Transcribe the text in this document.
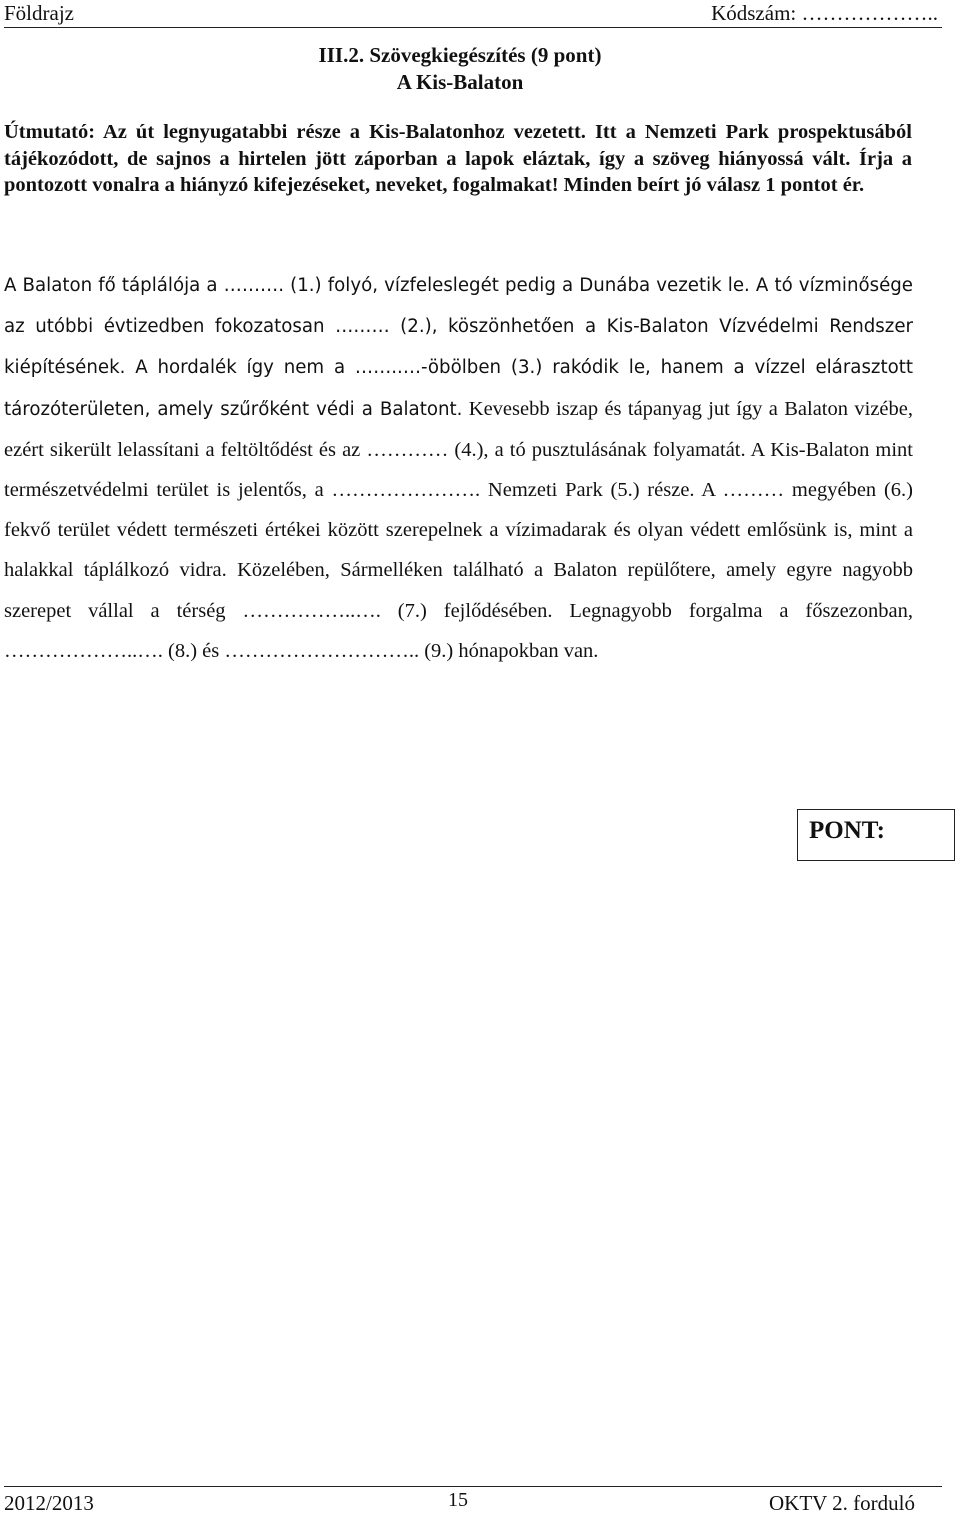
Földrajz	Kódszám: ………………..
III.2. Szövegkiegészítés (9 pont)
A Kis-Balaton
Útmutató: Az út legnyugatabbi része a Kis-Balatonhoz vezetett. Itt a Nemzeti Park prospektusából tájékozódott, de sajnos a hirtelen jött záporban a lapok eláztak, így a szöveg hiányossá vált. Írja a pontozott vonalra a hiányzó kifejezéseket, neveket, fogalmakat! Minden beírt jó válasz 1 pontot ér.
A Balaton fő táplálója a ………. (1.) folyó, vízfeleslegét pedig a Dunába vezetik le. A tó vízminősége az utóbbi évtizedben fokozatosan ……… (2.), köszönhetően a Kis-Balaton Vízvédelmi Rendszer kiépítésének. A hordalék így nem a ……..…-öbölben (3.) rakódik le, hanem a vízzel elárasztott tározóterületen, amely szűrőként védi a Balatont. Kevesebb iszap és tápanyag jut így a Balaton vizébe, ezért sikerült lelassítani a feltöltődést és az ………… (4.), a tó pusztulásának folyamatát. A Kis-Balaton mint természetvédelmi terület is jelentős, a …………………. Nemzeti Park (5.) része. A ……… megyében (6.) fekvő terület védett természeti értékei között szerepelnek a vízimadarak és olyan védett emlősünk is, mint a halakkal táplálkozó vidra. Közelében, Sármelléken található a Balaton repülőtere, amely egyre nagyobb szerepet vállal a térség ……………..…. (7.) fejlődésében. Legnagyobb forgalma a főszezonban, ………………..…. (8.) és ……………………….. (9.) hónapokban van.
PONT:
2012/2013	15	OKTV 2. forduló
